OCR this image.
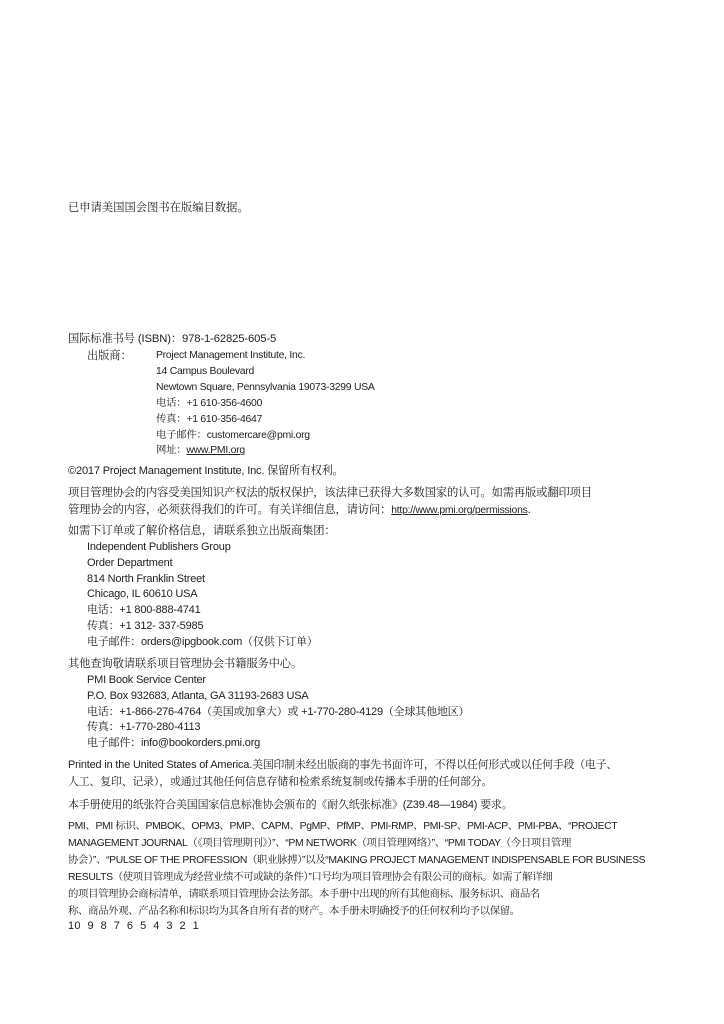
已申请美国国会图书在版编目数据。
国际标准书号 (ISBN)：978-1-62825-605-5
出版商： Project Management Institute, Inc.
14 Campus Boulevard
Newtown Square, Pennsylvania 19073-3299 USA
电话：+1 610-356-4600
传真：+1 610-356-4647
电子邮件：customercare@pmi.org
网址：www.PMI.org
©2017 Project Management Institute, Inc. 保留所有权利。
项目管理协会的内容受美国知识产权法的版权保护，该法律已获得大多数国家的认可。如需再版或翻印项目
管理协会的内容，必须获得我们的许可。有关详细信息，请访问：http://www.pmi.org/permissions.
如需下订单或了解价格信息，请联系独立出版商集团：
Independent Publishers Group
Order Department
814 North Franklin Street
Chicago, IL 60610 USA
电话：+1 800-888-4741
传真：+1 312- 337-5985
电子邮件：orders@ipgbook.com（仅供下订单）
其他查询敬请联系项目管理协会书籍服务中心。
PMI Book Service Center
P.O. Box 932683, Atlanta, GA 31193-2683 USA
电话：+1-866-276-4764（美国或加拿大）或 +1-770-280-4129（全球其他地区）
传真：+1-770-280-4113
电子邮件：info@bookorders.pmi.org
Printed in the United States of America.美国印制未经出版商的事先书面许可，不得以任何形式或以任何手段（电子、
人工、复印、记录），或通过其他任何信息存储和检索系统复制或传播本手册的任何部分。
本手册使用的纸张符合美国国家信息标准协会颁布的《耐久纸张标准》(Z39.48—1984) 要求。
PMI、PMI 标识、PMBOK、OPM3、PMP、CAPM、PgMP、PfMP、PMI-RMP、PMI-SP、PMI-ACP、PMI-PBA、“PROJECT
MANAGEMENT JOURNAL（《项目管理期刊》）”、“PM NETWORK（项目管理网络）”、“PMI TODAY（今日项目管理
协会）”、“PULSE OF THE PROFESSION（职业脉搏）”以及“MAKING PROJECT MANAGEMENT INDISPENSABLE FOR BUSINESS
RESULTS（使项目管理成为经营业绩不可或缺的条件）”口号均为项目管理协会有限公司的商标。如需了解详细
的项目管理协会商标清单，请联系项目管理协会法务部。本手册中出现的所有其他商标、服务标识、商品名
称、商品外观、产品名称和标识均为其各自所有者的财产。本手册未明确授予的任何权利均予以保留。
10  9  8  7  6  5  4  3  2  1
